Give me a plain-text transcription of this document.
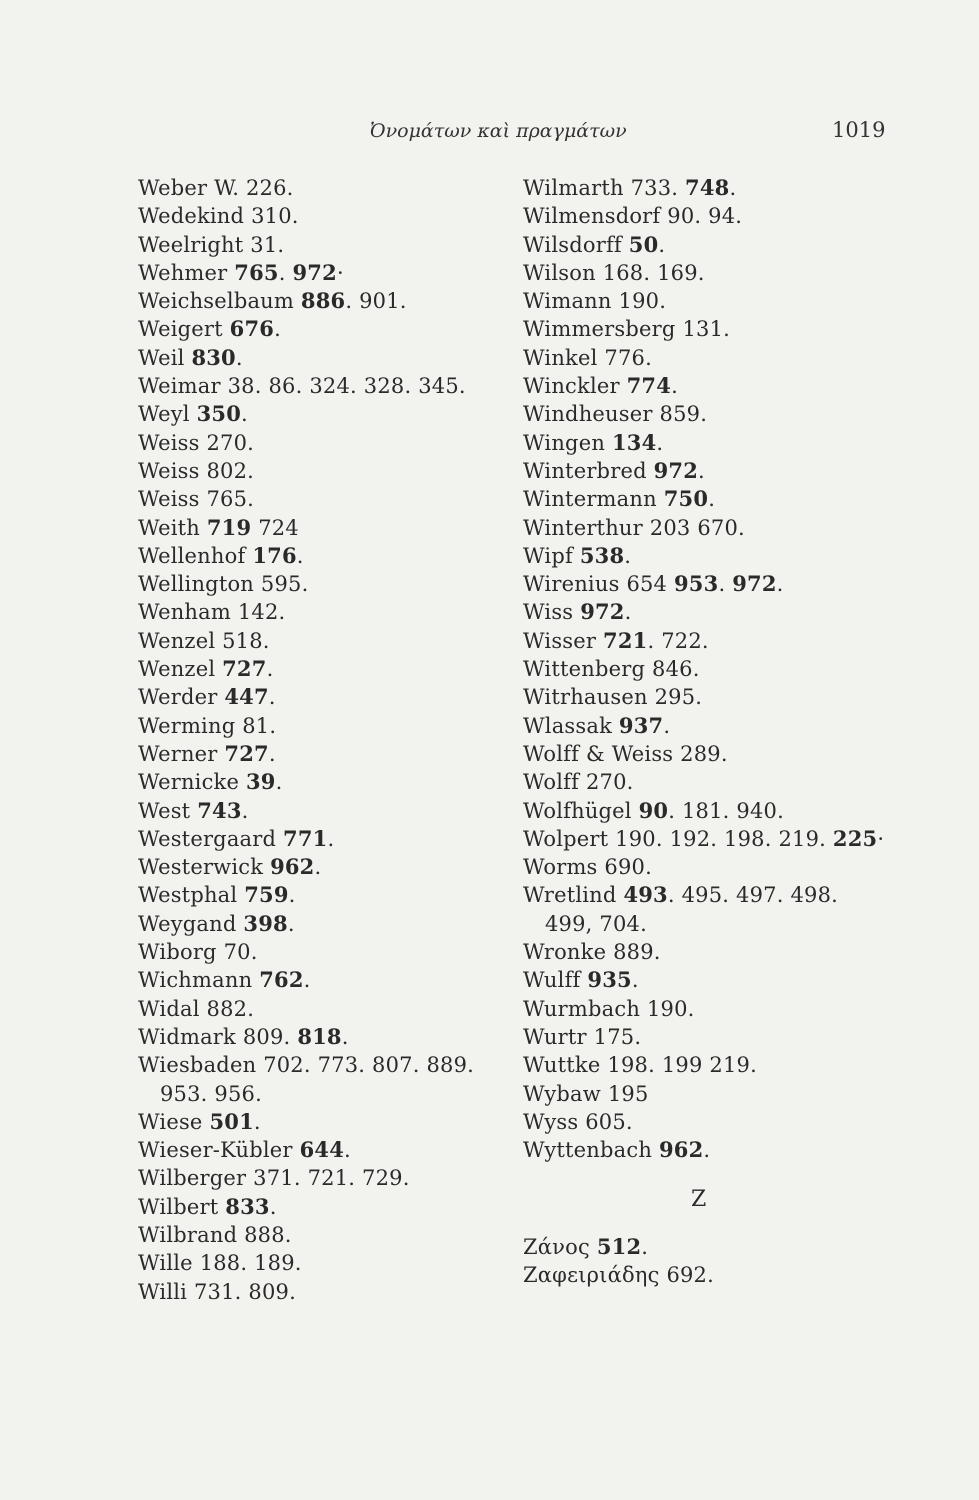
Ὀνομάτων καὶ πραγμάτων	1019
Weber W. 226.
Wedekind 310.
Weelright 31.
Wehmer 765. 972·
Weichselbaum 886. 901.
Weigert 676.
Weil 830.
Weimar 38. 86. 324. 328. 345.
Weyl 350.
Weiss 270.
Weiss 802.
Weiss 765.
Weith 719 724
Wellenhof 176.
Wellington 595.
Wenham 142.
Wenzel 518.
Wenzel 727.
Werder 447.
Werming 81.
Werner 727.
Wernicke 39.
West 743.
Westergaard 771.
Westerwick 962.
Westphal 759.
Weygand 398.
Wiborg 70.
Wichmann 762.
Widal 882.
Widmark 809. 818.
Wiesbaden 702. 773. 807. 889.
953. 956.
Wiese 501.
Wieser-Kübler 644.
Wilberger 371. 721. 729.
Wilbert 833.
Wilbrand 888.
Wille 188. 189.
Willi 731. 809.
Wilmarth 733. 748.
Wilmensdorf 90. 94.
Wilsdorff 50.
Wilson 168. 169.
Wimann 190.
Wimmersberg 131.
Winkel 776.
Winckler 774.
Windheuser 859.
Wingen 134.
Winterbred 972.
Wintermann 750.
Winterthur 203 670.
Wipf 538.
Wirenius 654 953. 972.
Wiss 972.
Wisser 721. 722.
Wittenberg 846.
Witrhausen 295.
Wlassak 937.
Wolff & Weiss 289.
Wolff 270.
Wolfhügel 90. 181. 940.
Wolpert 190. 192. 198. 219. 225·
Worms 690.
Wretlind 493. 495. 497. 498.
499, 704.
Wronke 889.
Wulff 935.
Wurmbach 190.
Wurtr 175.
Wuttke 198. 199 219.
Wybaw 195
Wyss 605.
Wyttenbach 962.
Z
Ζάνος 512.
Ζαφειριάδης 692.
